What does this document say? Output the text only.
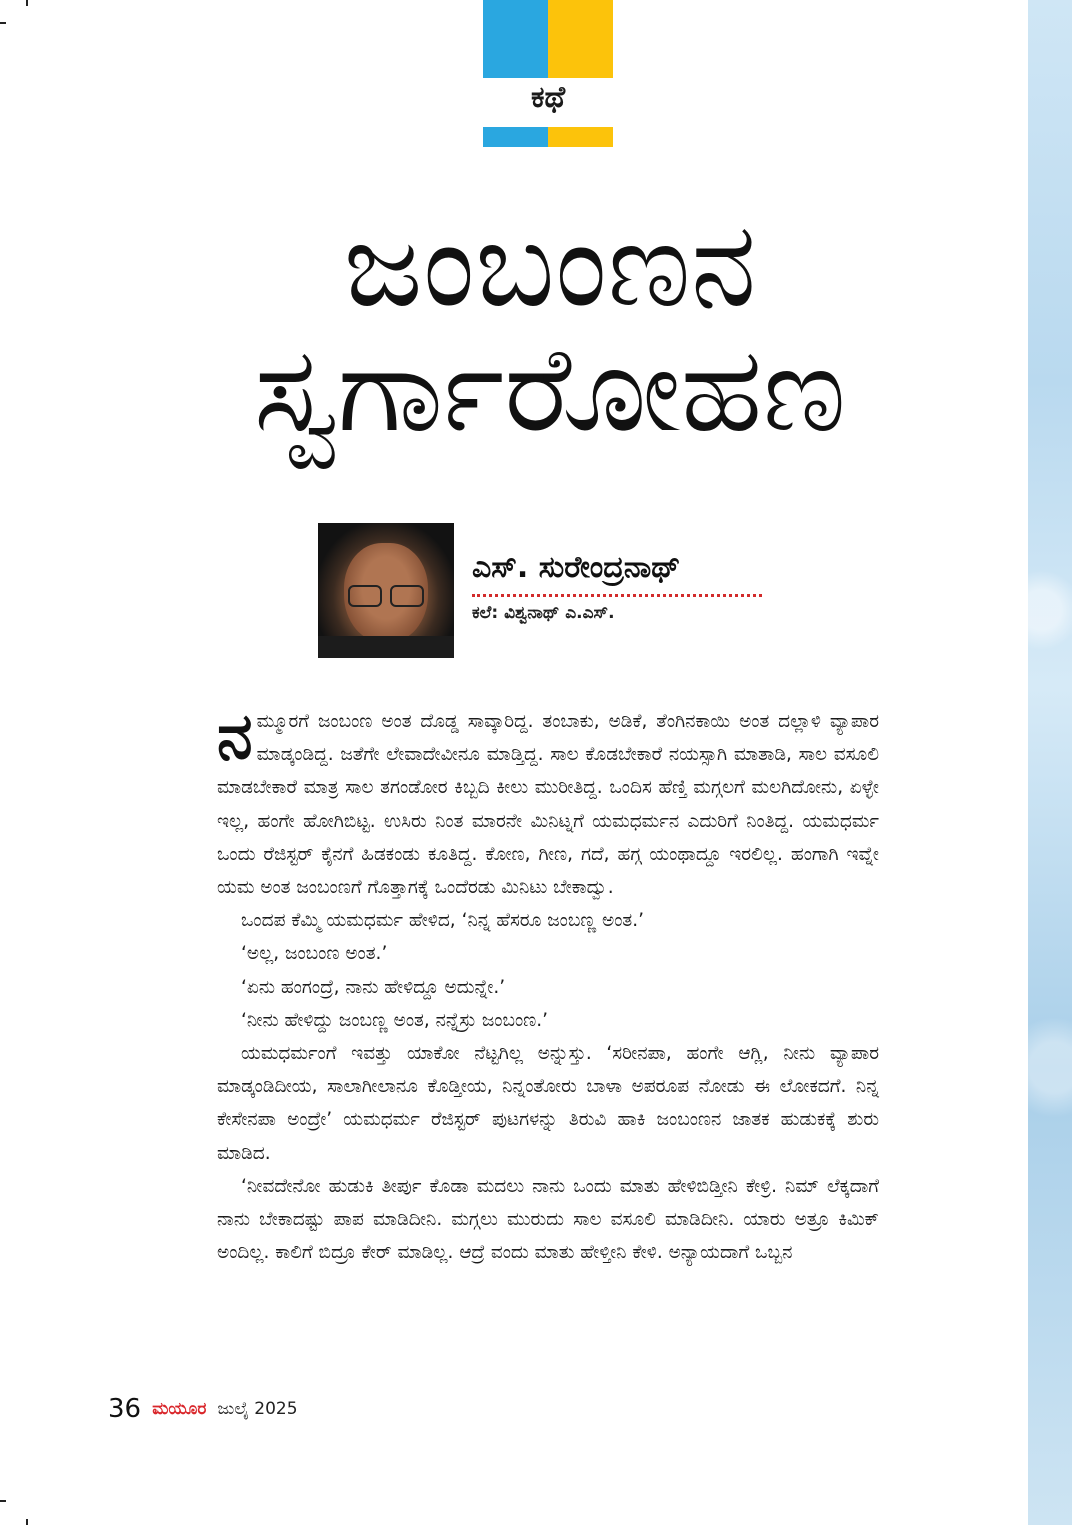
ಕಥೆ
ಜಂಬಂಣನ
ಸ್ವರ್ಗಾರೋಹಣ
ಎಸ್‌. ಸುರೇಂದ್ರನಾಥ್‌
ಕಲೆ: ವಿಶ್ವನಾಥ್‌ ಎ.ಎಸ್‌.

ನಮ್ಮೂರಗೆ ಜಂಬಂಣ ಅಂತ ದೊಡ್ಡ ಸಾವ್ಕಾರಿದ್ದ. ತಂಬಾಕು, ಅಡಿಕೆ, ತೆಂಗಿನಕಾಯಿ ಅಂತ ದಲ್ಲಾಳಿ ವ್ಯಾಪಾರ ಮಾಡ್ಕಂಡಿದ್ದ. ಜತೆಗೇ ಲೇವಾದೇವೀನೂ ಮಾಡ್ತಿದ್ದ. ಸಾಲ ಕೊಡಬೇಕಾರೆ ನಯಸ್ಸಾಗಿ ಮಾತಾಡಿ, ಸಾಲ ವಸೂಲಿ ಮಾಡಬೇಕಾರೆ ಮಾತ್ರ ಸಾಲ ತಗಂಡೋರ ಕಿಬ್ಬದಿ ಕೀಲು ಮುರೀತಿದ್ದ. ಒಂದಿಸ ಹೆಣ್ತಿ ಮಗ್ಗಲಗೆ ಮಲಗಿದೋನು, ಏಳ್ಳೇ ಇಲ್ಲ, ಹಂಗೇ ಹೋಗಿಬಿಟ್ಟ. ಉಸಿರು ನಿಂತ ಮಾರನೇ ಮಿನಿಟ್ನಗೆ ಯಮಧರ್ಮನ ಎದುರಿಗೆ ನಿಂತಿದ್ದ. ಯಮಧರ್ಮ ಒಂದು ರೆಜಿಸ್ಟರ್‌ ಕೈನಗೆ ಹಿಡಕಂಡು ಕೂತಿದ್ದ. ಕೋಣ, ಗೀಣ, ಗದೆ, ಹಗ್ಗ ಯಂಥಾದ್ದೂ ಇರಲಿಲ್ಲ. ಹಂಗಾಗಿ ಇವ್ನೇ ಯಮ ಅಂತ ಜಂಬಂಣಗೆ ಗೊತ್ತಾಗಕ್ಕೆ ಒಂದೆರಡು ಮಿನಿಟು ಬೇಕಾದ್ವು.

ಒಂದಪ ಕೆಮ್ಮಿ ಯಮಧರ್ಮ ಹೇಳಿದ, ‘ನಿನ್ನ ಹೆಸರೂ ಜಂಬಣ್ಣ ಅಂತ.’

‘ಅಲ್ಲ, ಜಂಬಂಣ ಅಂತ.’

‘ಏನು ಹಂಗಂದ್ರೆ, ನಾನು ಹೇಳಿದ್ದೂ ಅದುನ್ನೇ.’

‘ನೀನು ಹೇಳಿದ್ದು ಜಂಬಣ್ಣ ಅಂತ, ನನ್ನೆಸ್ರು ಜಂಬಂಣ.’

ಯಮಧರ್ಮಂಗೆ ಇವತ್ತು ಯಾಕೋ ನೆಟ್ಟಗಿಲ್ಲ ಅನ್ನುಸ್ತು. ‘ಸರೀನಪಾ, ಹಂಗೇ ಆಗ್ಲಿ, ನೀನು ವ್ಯಾಪಾರ ಮಾಡ್ಕಂಡಿದೀಯ, ಸಾಲಾಗೀಲಾನೂ ಕೊಡ್ತೀಯ, ನಿನ್ನಂತೋರು ಬಾಳಾ ಅಪರೂಪ ನೋಡು ಈ ಲೋಕದಗೆ. ನಿನ್ನ ಕೇಸೇನಪಾ ಅಂದ್ರೇ’ ಯಮಧರ್ಮ ರೆಜಿಸ್ಟರ್‌ ಪುಟಗಳನ್ನು ತಿರುವಿ ಹಾಕಿ ಜಂಬಂಣನ ಜಾತಕ ಹುಡುಕಕ್ಕೆ ಶುರು ಮಾಡಿದ.

‘ನೀವದೇನೋ ಹುಡುಕಿ ತೀರ್ಪು ಕೊಡಾ ಮದಲು ನಾನು ಒಂದು ಮಾತು ಹೇಳಿಬಿಡ್ತೀನಿ ಕೇಳ್ರಿ. ನಿಮ್‌ ಲೆಕ್ಕದಾಗೆ ನಾನು ಬೇಕಾದಷ್ಟು ಪಾಪ ಮಾಡಿದೀನಿ. ಮಗ್ಗಲು ಮುರುದು ಸಾಲ ವಸೂಲಿ ಮಾಡಿದೀನಿ. ಯಾರು ಅತ್ರೂ ಕಿಮಿಕ್‌ ಅಂದಿಲ್ಲ. ಕಾಲಿಗೆ ಬಿದ್ರೂ ಕೇರ್‌ ಮಾಡಿಲ್ಲ. ಆದ್ರೆ ವಂದು ಮಾತು ಹೇಳ್ತೀನಿ ಕೇಳಿ. ಅನ್ಯಾಯದಾಗೆ ಒಬ್ಬನ

36 ಮಯೂರ ಜುಲೈ 2025
